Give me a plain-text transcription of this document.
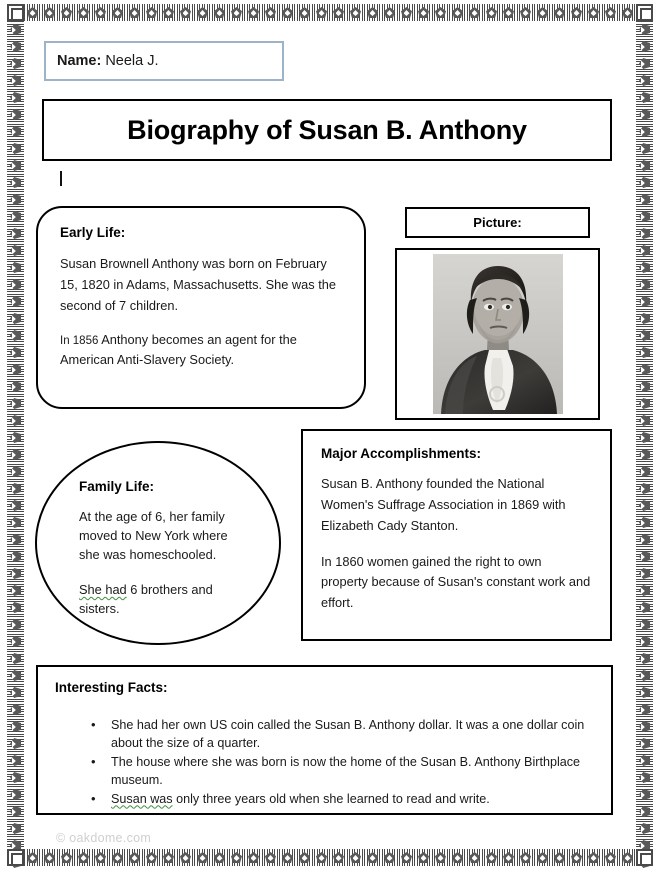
Name: Neela J.
Biography of Susan B. Anthony
Early Life:
Susan Brownell Anthony was born on February 15, 1820 in Adams, Massachusetts. She was the second of 7 children.
In 1856 Anthony becomes an agent for the American Anti-Slavery Society.
Picture:
Family Life:
At the age of 6, her family moved to New York where she was homeschooled.
She had 6 brothers and sisters.
Major Accomplishments:
Susan B. Anthony founded the National Women's Suffrage Association in 1869 with Elizabeth Cady Stanton.
In 1860 women gained the right to own property because of Susan's constant work and effort.
Interesting Facts:
• She had her own US coin called the Susan B. Anthony dollar. It was a one dollar coin about the size of a quarter.
• The house where she was born is now the home of the Susan B. Anthony Birthplace museum.
• Susan was only three years old when she learned to read and write.
© oakdome.com
